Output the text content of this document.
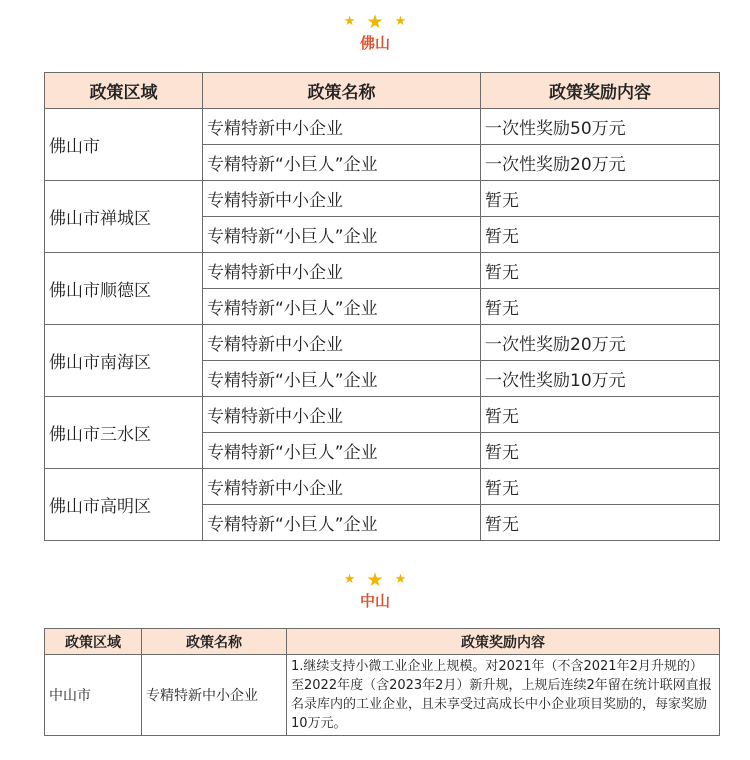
★ ★ ★
佛山
政策区域	政策名称	政策奖励内容
佛山市	专精特新中小企业	一次性奖励50万元
	专精特新“小巨人”企业	一次性奖励20万元
佛山市禅城区	专精特新中小企业	暂无
	专精特新“小巨人”企业	暂无
佛山市顺德区	专精特新中小企业	暂无
	专精特新“小巨人”企业	暂无
佛山市南海区	专精特新中小企业	一次性奖励20万元
	专精特新“小巨人”企业	一次性奖励10万元
佛山市三水区	专精特新中小企业	暂无
	专精特新“小巨人”企业	暂无
佛山市高明区	专精特新中小企业	暂无
	专精特新“小巨人”企业	暂无
★ ★ ★
中山
政策区域	政策名称	政策奖励内容
中山市	专精特新中小企业	1.继续支持小微工业企业上规模。对2021年（不含2021年2月升规的）至2022年度（含2023年2月）新升规，上规后连续2年留在统计联网直报名录库内的工业企业，且未享受过高成长中小企业项目奖励的，每家奖励10万元。
